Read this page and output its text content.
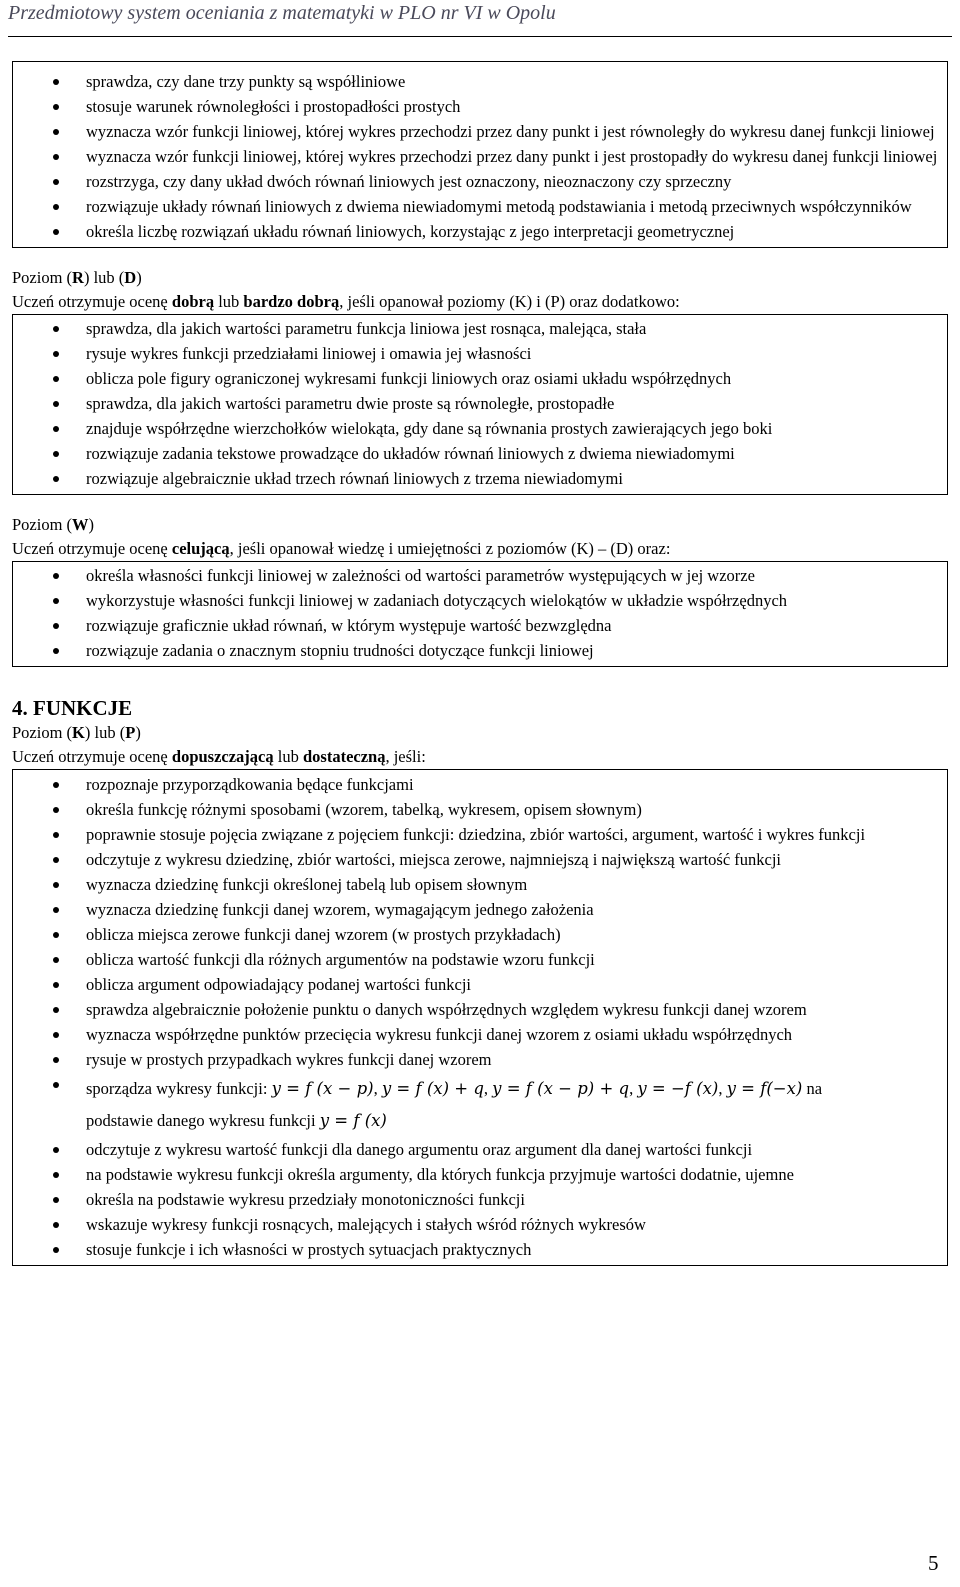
Przedmiotowy system oceniania z matematyki w PLO nr VI w Opolu
sprawdza, czy dane trzy punkty są współliniowe
stosuje warunek równoległości i prostopadłości prostych
wyznacza wzór funkcji liniowej, której wykres przechodzi przez dany punkt i jest równoległy do wykresu danej funkcji liniowej
wyznacza wzór funkcji liniowej, której wykres przechodzi przez dany punkt i jest prostopadły do wykresu danej funkcji liniowej
rozstrzyga, czy dany układ dwóch równań liniowych jest oznaczony, nieoznaczony czy sprzeczny
rozwiązuje układy równań liniowych z dwiema niewiadomymi metodą podstawiania i metodą przeciwnych współczynników
określa liczbę rozwiązań układu równań liniowych, korzystając z jego interpretacji geometrycznej
Poziom (R) lub (D)
Uczeń otrzymuje ocenę dobrą lub bardzo dobrą, jeśli opanował poziomy (K) i (P) oraz dodatkowo:
sprawdza, dla jakich wartości parametru funkcja liniowa jest rosnąca, malejąca, stała
rysuje wykres funkcji przedziałami liniowej i omawia jej własności
oblicza pole figury ograniczonej wykresami funkcji liniowych oraz osiami układu współrzędnych
sprawdza, dla jakich wartości parametru dwie proste są równoległe, prostopadłe
znajduje współrzędne wierzchołków wielokąta, gdy dane są równania prostych zawierających jego boki
rozwiązuje zadania tekstowe prowadzące do układów równań liniowych z dwiema niewiadomymi
rozwiązuje algebraicznie układ trzech równań liniowych z trzema niewiadomymi
Poziom (W)
Uczeń otrzymuje ocenę celującą, jeśli opanował wiedzę i umiejętności z poziomów (K) – (D) oraz:
określa własności funkcji liniowej w zależności od wartości parametrów występujących w jej wzorze
wykorzystuje własności funkcji liniowej w zadaniach dotyczących wielokątów w układzie współrzędnych
rozwiązuje graficznie układ równań, w którym występuje wartość bezwzględna
rozwiązuje zadania o znacznym stopniu trudności dotyczące funkcji liniowej
4. FUNKCJE
Poziom (K) lub (P)
Uczeń otrzymuje ocenę dopuszczającą lub dostateczną, jeśli:
rozpoznaje przyporządkowania będące funkcjami
określa funkcję różnymi sposobami (wzorem, tabelką, wykresem, opisem słownym)
poprawnie stosuje pojęcia związane z pojęciem funkcji: dziedzina, zbiór wartości, argument, wartość i wykres funkcji
odczytuje z wykresu dziedzinę, zbiór wartości, miejsca zerowe, najmniejszą i największą wartość funkcji
wyznacza dziedzinę funkcji określonej tabelą lub opisem słownym
wyznacza dziedzinę funkcji danej wzorem, wymagającym jednego założenia
oblicza miejsca zerowe funkcji danej wzorem (w prostych przykładach)
oblicza wartość funkcji dla różnych argumentów na podstawie wzoru funkcji
oblicza argument odpowiadający podanej wartości funkcji
sprawdza algebraicznie położenie punktu o danych współrzędnych względem wykresu funkcji danej wzorem
wyznacza współrzędne punktów przecięcia wykresu funkcji danej wzorem z osiami układu współrzędnych
rysuje w prostych przypadkach wykres funkcji danej wzorem
sporządza wykresy funkcji: y = f (x − p), y = f (x) + q, y = f (x − p) + q, y = −f (x), y = f(−x) na
podstawie danego wykresu funkcji y = f (x)
odczytuje z wykresu wartość funkcji dla danego argumentu oraz argument dla danej wartości funkcji
na podstawie wykresu funkcji określa argumenty, dla których funkcja przyjmuje wartości dodatnie, ujemne
określa na podstawie wykresu przedziały monotoniczności funkcji
wskazuje wykresy funkcji rosnących, malejących i stałych wśród różnych wykresów
stosuje funkcje i ich własności w prostych sytuacjach praktycznych
5
